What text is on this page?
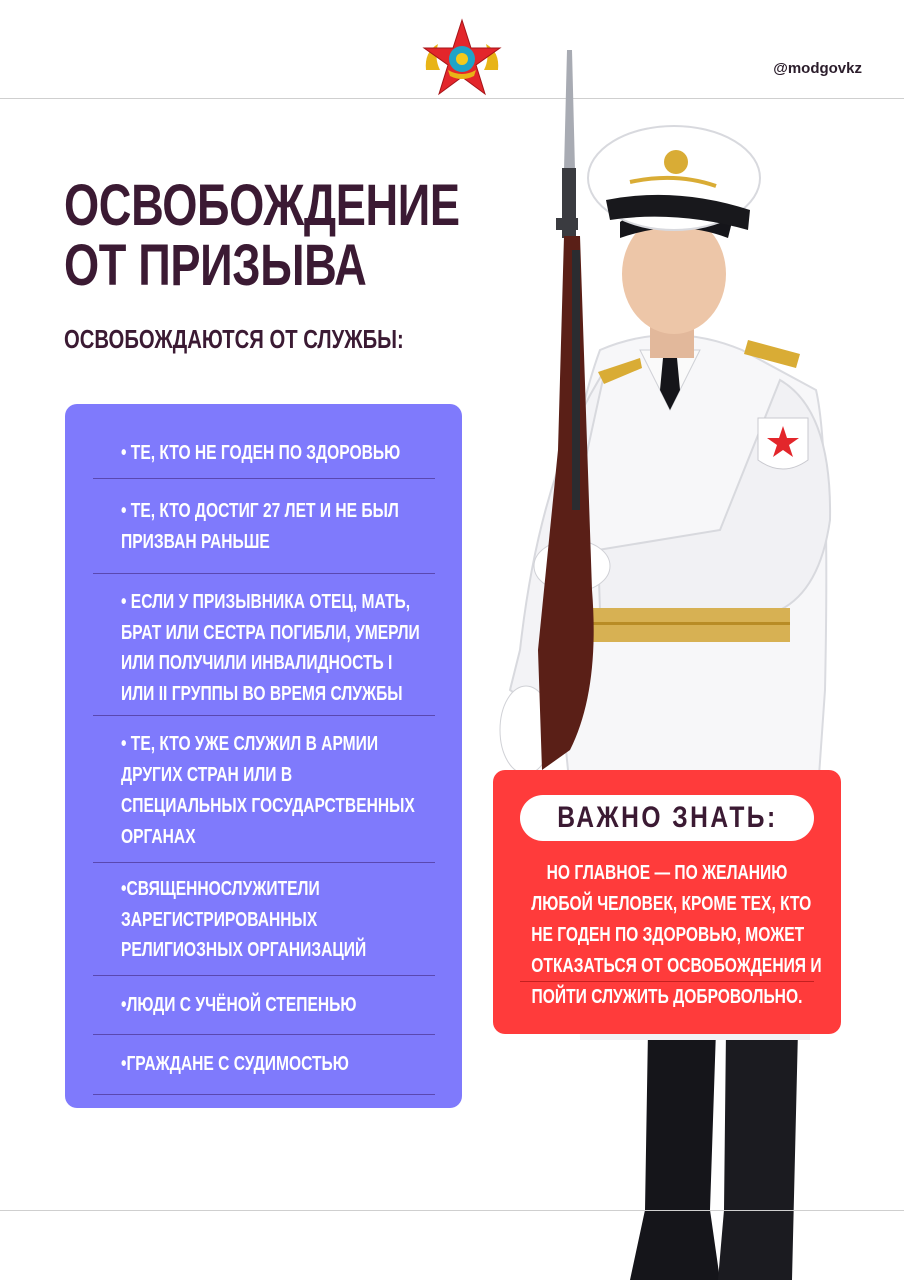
@modgovkz
ОСВОБОЖДЕНИЕ
ОТ ПРИЗЫВА
ОСВОБОЖДАЮТСЯ ОТ СЛУЖБЫ:
• ТЕ, КТО НЕ ГОДЕН ПО ЗДОРОВЬЮ
• ТЕ, КТО ДОСТИГ 27 ЛЕТ И НЕ БЫЛ
ПРИЗВАН РАНЬШЕ
• ЕСЛИ У ПРИЗЫВНИКА ОТЕЦ, МАТЬ,
БРАТ ИЛИ СЕСТРА ПОГИБЛИ, УМЕРЛИ
ИЛИ ПОЛУЧИЛИ ИНВАЛИДНОСТЬ I
ИЛИ II ГРУППЫ ВО ВРЕМЯ СЛУЖБЫ
• ТЕ, КТО УЖЕ СЛУЖИЛ В АРМИИ
ДРУГИХ СТРАН ИЛИ В
СПЕЦИАЛЬНЫХ ГОСУДАРСТВЕННЫХ
ОРГАНАХ
•СВЯЩЕННОСЛУЖИТЕЛИ
ЗАРЕГИСТРИРОВАННЫХ
РЕЛИГИОЗНЫХ ОРГАНИЗАЦИЙ
•ЛЮДИ С УЧЁНОЙ СТЕПЕНЬЮ
•ГРАЖДАНЕ С СУДИМОСТЬЮ
ВАЖНО ЗНАТЬ:
НО ГЛАВНОЕ — ПО ЖЕЛАНИЮ
ЛЮБОЙ ЧЕЛОВЕК, КРОМЕ ТЕХ, КТО
НЕ ГОДЕН ПО ЗДОРОВЬЮ, МОЖЕТ
ОТКАЗАТЬСЯ ОТ ОСВОБОЖДЕНИЯ И
ПОЙТИ СЛУЖИТЬ ДОБРОВОЛЬНО.
